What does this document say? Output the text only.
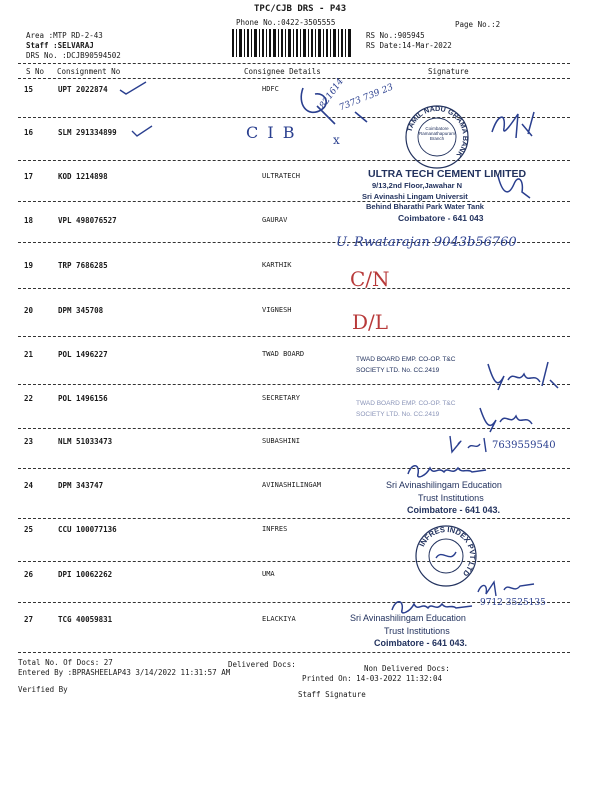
TPC/CJB DRS - P43
Phone No.:0422-3505555
Area :MTP RD-2-43
Staff :SELVARAJ
DRS No. :DCJB90594502
RS No.:905945
RS Date:14-Mar-2022
Page No.:2
S No Consignment No	Consignee Details	Signature
15	UPT 2022874	HDFC
16	SLM 291334899
17	KOD 1214898	ULTRATECH
18	VPL 498076527	GAURAV
19	TRP 7686285	KARTHIK
20	DPM 345708	VIGNESH
21	POL 1496227	TWAD BOARD
22	POL 1496156	SECRETARY
23	NLM 51033473	SUBASHINI
24	DPM 343747	AVINASHILINGAM
25	CCU 100077136	INFRES
26	DPI 10062262	UMA
27	TCG 40059831	ELACKIYA
821614
7373 739 23
C I B	x
TAMIL NADU GRAMA BANK
Coimbatore Ramanathapuram Branch
ULTRA TECH CEMENT LIMITED
9/13,2nd Floor,Jawahar N
Sri Avinashi Lingam Universit
Behind Bharathi Park Water Tank
Coimbatore - 641 043
U. Rwatarajan 9043b56760
C/N
D/L
TWAD BOARD EMP. CO-OP. T&C
SOCIETY LTD. No. CC.2419
TWAD BOARD EMP. CO-OP. T&C
SOCIETY LTD. No. CC.2419
7639559540
Sri Avinashilingam Education
Trust Institutions
Coimbatore - 641 043.
INFRES INDEX PVT LTD
9712 3525135
Sri Avinashilingam Education
Trust Institutions
Coimbatore - 641 043.
Total No. Of Docs: 27	Delivered Docs:	Non Delivered Docs:
Entered By :BPRASHEELAP43 3/14/2022 11:31:57 AM
Printed On: 14-03-2022 11:32:04
Verified By
Staff Signature
